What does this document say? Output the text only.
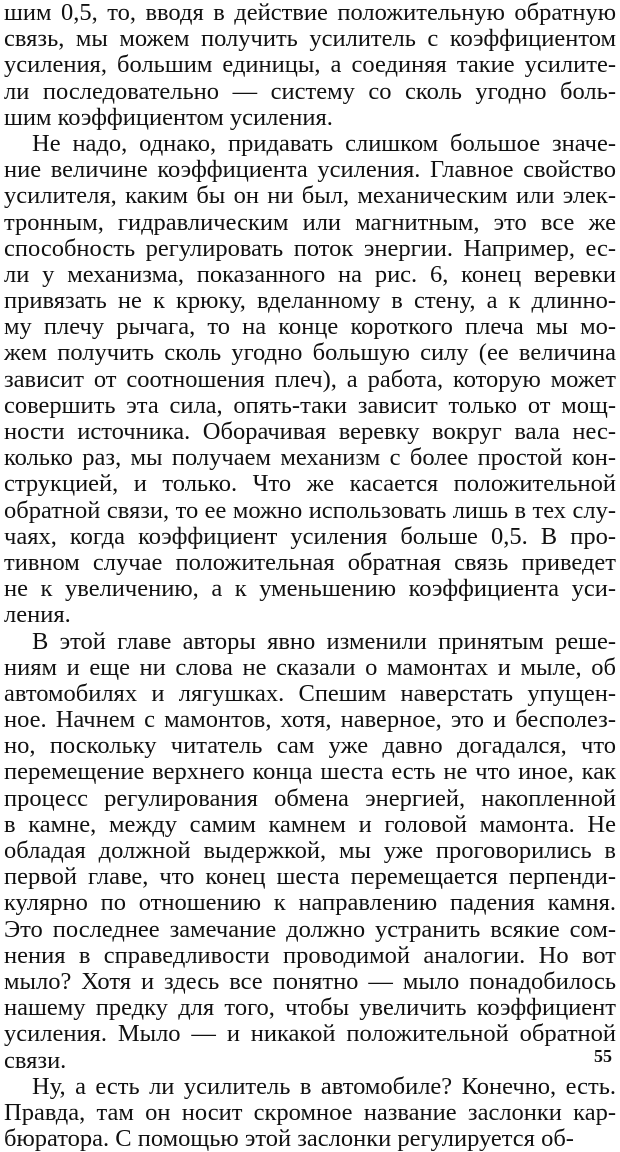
шим 0,5, то, вводя в действие положительную обратную
связь, мы можем получить усилитель с коэффициентом
усиления, большим единицы, а соединяя такие усилите-
ли последовательно — систему со сколь угодно боль-
шим коэффициентом усиления.
Не надо, однако, придавать слишком большое значе-
ние величине коэффициента усиления. Главное свойство
усилителя, каким бы он ни был, механическим или элек-
тронным, гидравлическим или магнитным, это все же
способность регулировать поток энергии. Например, ес-
ли у механизма, показанного на рис. 6, конец веревки
привязать не к крюку, вделанному в стену, а к длинно-
му плечу рычага, то на конце короткого плеча мы мо-
жем получить сколь угодно большую силу (ее величина
зависит от соотношения плеч), а работа, которую может
совершить эта сила, опять-таки зависит только от мощ-
ности источника. Оборачивая веревку вокруг вала нес-
колько раз, мы получаем механизм с более простой кон-
струкцией, и только. Что же касается положительной
обратной связи, то ее можно использовать лишь в тех слу-
чаях, когда коэффициент усиления больше 0,5. В про-
тивном случае положительная обратная связь приведет
не к увеличению, а к уменьшению коэффициента уси-
ления.
В этой главе авторы явно изменили принятым реше-
ниям и еще ни слова не сказали о мамонтах и мыле, об
автомобилях и лягушках. Спешим наверстать упущен-
ное. Начнем с мамонтов, хотя, наверное, это и бесполез-
но, поскольку читатель сам уже давно догадался, что
перемещение верхнего конца шеста есть не что иное, как
процесс регулирования обмена энергией, накопленной
в камне, между самим камнем и головой мамонта. Не
обладая должной выдержкой, мы уже проговорились в
первой главе, что конец шеста перемещается перпенди-
кулярно по отношению к направлению падения камня.
Это последнее замечание должно устранить всякие сом-
нения в справедливости проводимой аналогии. Но вот
мыло? Хотя и здесь все понятно — мыло понадобилось
нашему предку для того, чтобы увеличить коэффициент
усиления. Мыло — и никакой положительной обратной
связи.
Ну, а есть ли усилитель в автомобиле? Конечно, есть.
Правда, там он носит скромное название заслонки кар-
бюратора. С помощью этой заслонки регулируется об-
55
